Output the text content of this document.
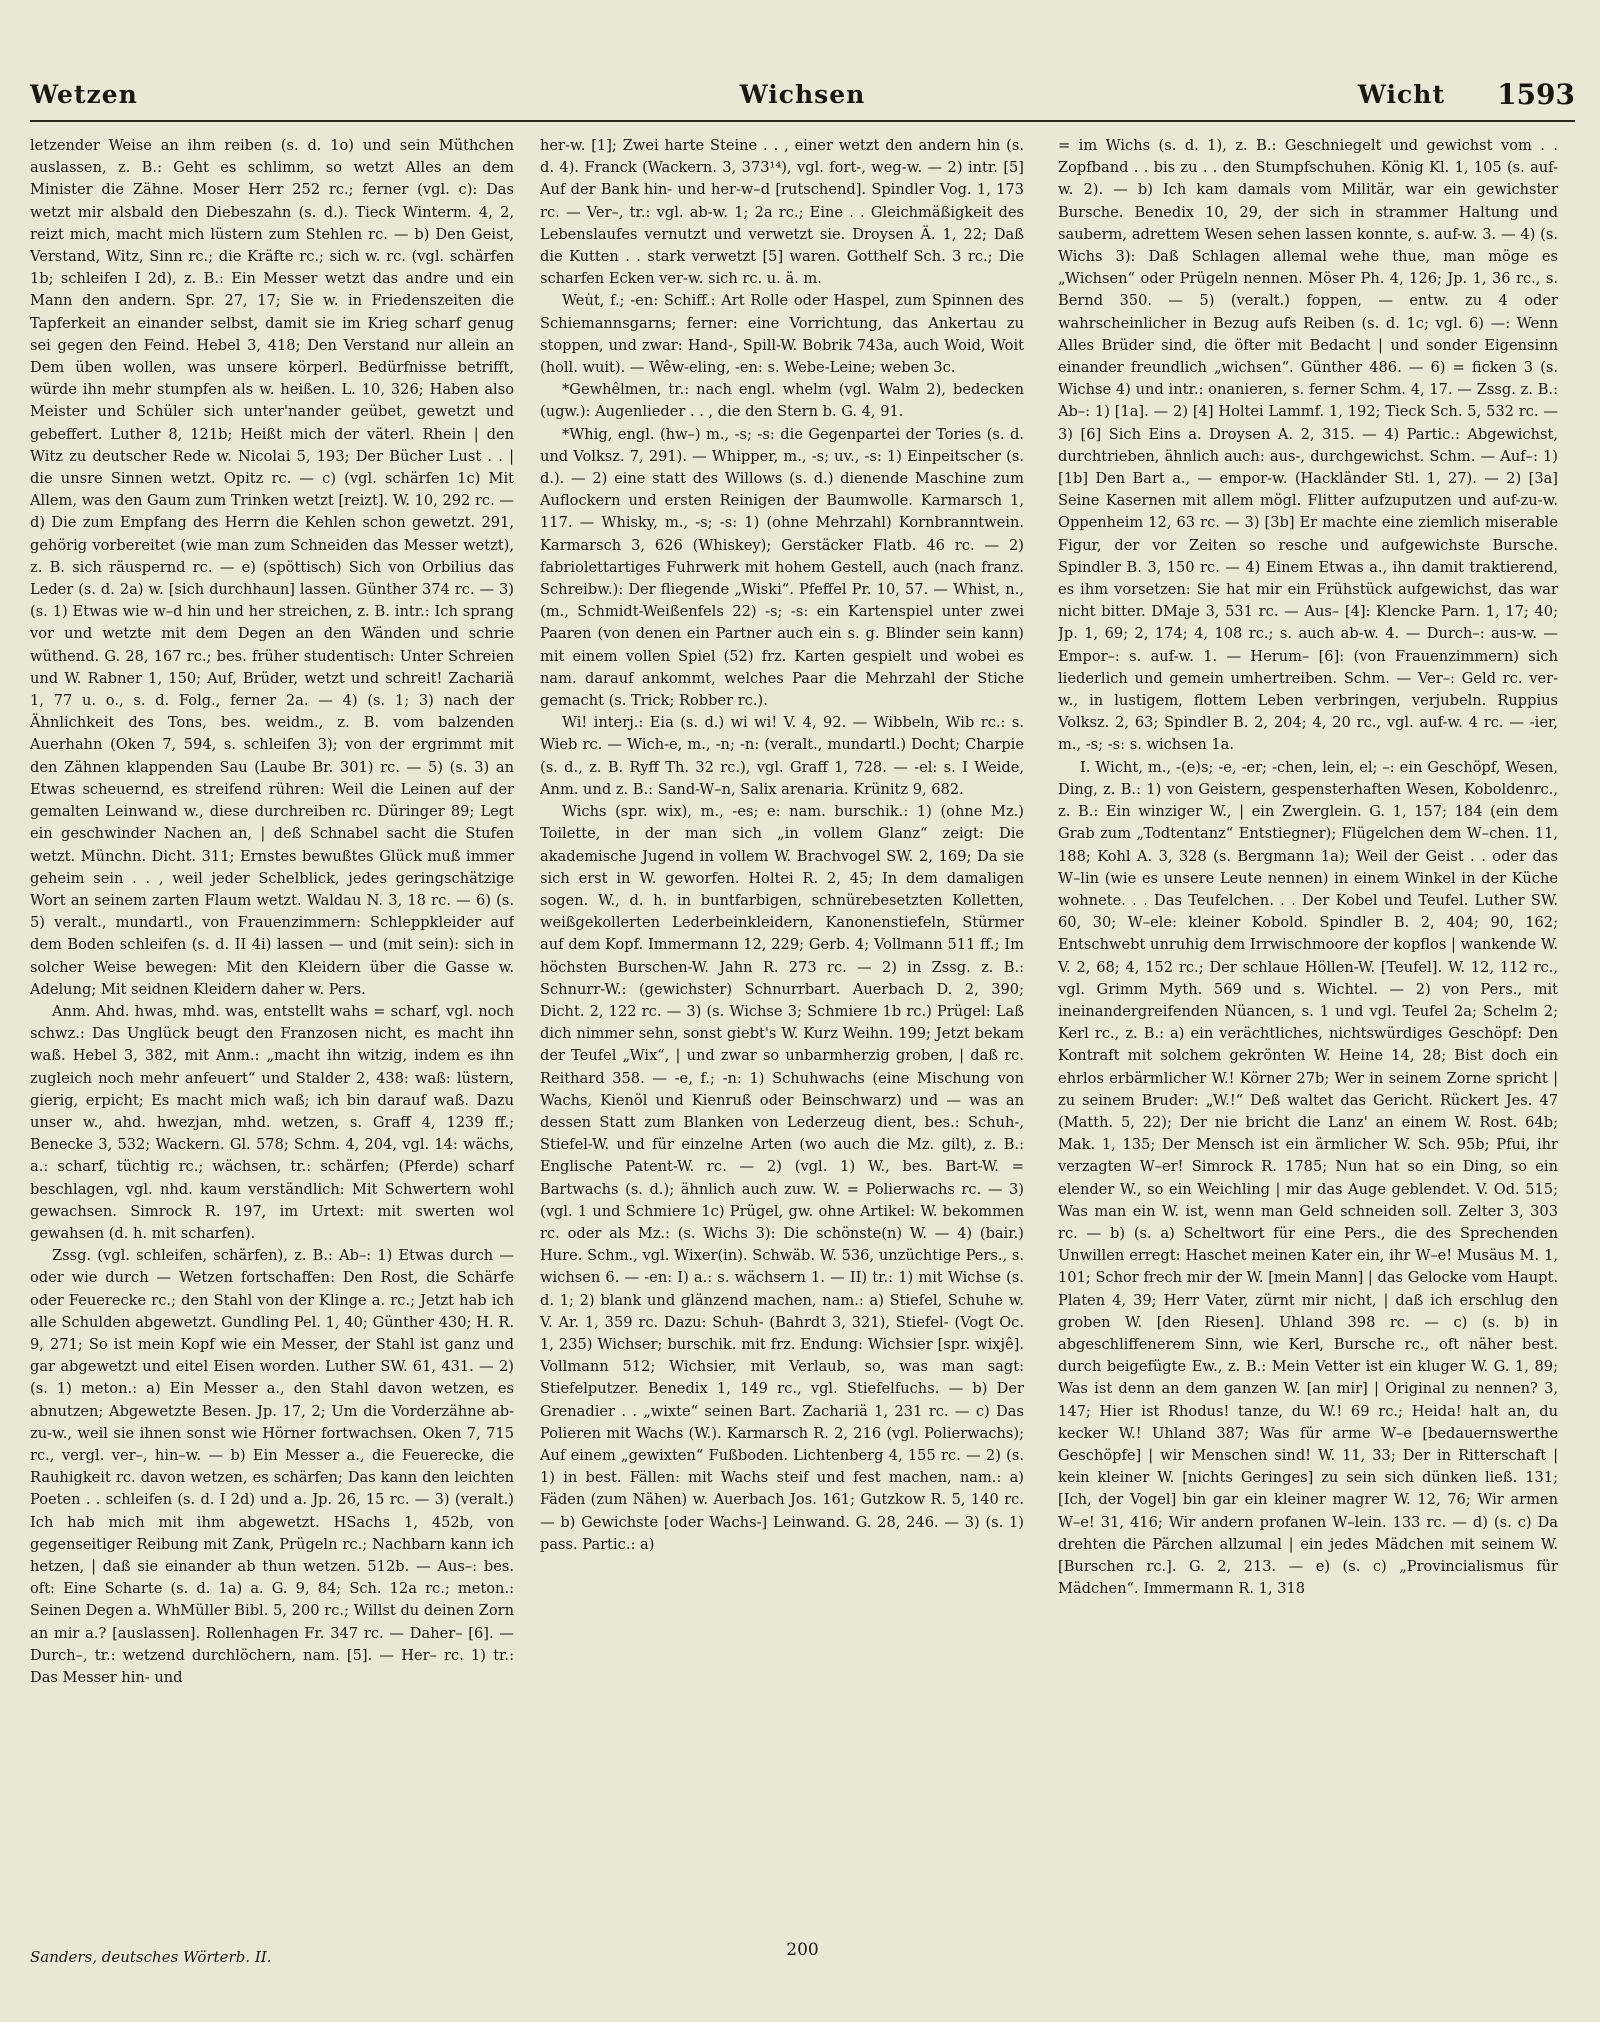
Wetzen	Wichsen	Wicht 1593

letzender Weise an ihm reiben (s. d. 1o) und sein Müthchen auslassen, z. B.: Geht es schlimm, so wetzt Alles an dem Minister die Zähne. Moser Herr 252 rc.; ferner (vgl. c): Das wetzt mir alsbald den Diebeszahn (s. d.). Tieck Winterm. 4, 2, reizt mich, macht mich lüstern zum Stehlen rc. — b) Den Geist, Verstand, Witz, Sinn rc.; die Kräfte rc.; sich w. rc. (vgl. schärfen 1b; schleifen I 2d), z. B.: Ein Messer wetzt das andre und ein Mann den andern. Spr. 27, 17; Sie w. in Friedenszeiten die Tapferkeit an einander selbst, damit sie im Krieg scharf genug sei gegen den Feind. Hebel 3, 418; Den Verstand nur allein an Dem üben wollen, was unsere körperl. Bedürfnisse betrifft, würde ihn mehr stumpfen als w. heißen. L. 10, 326; Haben also Meister und Schüler sich unter'nander geübet, gewetzt und gebeffert. Luther 8, 121b; Heißt mich der väterl. Rhein | den Witz zu deutscher Rede w. Nicolai 5, 193; Der Bücher Lust . . | die unsre Sinnen wetzt. Opitz rc. — c) (vgl. schärfen 1c) Mit Allem, was den Gaum zum Trinken wetzt [reizt]. W. 10, 292 rc. — d) Die zum Empfang des Herrn die Kehlen schon gewetzt. 291, gehörig vorbereitet (wie man zum Schneiden das Messer wetzt), z. B. sich räuspernd rc. — e) (spöttisch) Sich von Orbilius das Leder (s. d. 2a) w. [sich durchhaun] lassen. Günther 374 rc. — 3) (s. 1) Etwas wie w–d hin und her streichen, z. B. intr.: Ich sprang vor und wetzte mit dem Degen an den Wänden und schrie wüthend. G. 28, 167 rc.; bes. früher studentisch: Unter Schreien und W. Rabner 1, 150; Auf, Brüder, wetzt und schreit! Zachariä 1, 77 u. o., s. d. Folg., ferner 2a. — 4) (s. 1; 3) nach der Ähnlichkeit des Tons, bes. weidm., z. B. vom balzenden Auerhahn (Oken 7, 594, s. schleifen 3); von der ergrimmt mit den Zähnen klappenden Sau (Laube Br. 301) rc. — 5) (s. 3) an Etwas scheuernd, es streifend rühren: Weil die Leinen auf der gemalten Leinwand w., diese durchreiben rc. Düringer 89; Legt ein geschwinder Nachen an, | deß Schnabel sacht die Stufen wetzt. Münchn. Dicht. 311; Ernstes bewußtes Glück muß immer geheim sein . . , weil jeder Schelblick, jedes geringschätzige Wort an seinem zarten Flaum wetzt. Waldau N. 3, 18 rc. — 6) (s. 5) veralt., mundartl., von Frauenzimmern: Schleppkleider auf dem Boden schleifen (s. d. II 4i) lassen — und (mit sein): sich in solcher Weise bewegen: Mit den Kleidern über die Gasse w. Adelung; Mit seidnen Kleidern daher w. Pers.

Anm. Ahd. hwas, mhd. was, entstellt wahs = scharf, vgl. noch schwz.: Das Unglück beugt den Franzosen nicht, es macht ihn waß. Hebel 3, 382, mit Anm.: „macht ihn witzig, indem es ihn zugleich noch mehr anfeuert“ und Stalder 2, 438: waß: lüstern, gierig, erpicht; Es macht mich waß; ich bin darauf waß. Dazu unser w., ahd. hwezjan, mhd. wetzen, s. Graff 4, 1239 ff.; Benecke 3, 532; Wackern. Gl. 578; Schm. 4, 204, vgl. 14: wächs, a.: scharf, tüchtig rc.; wächsen, tr.: schärfen; (Pferde) scharf beschlagen, vgl. nhd. kaum verständlich: Mit Schwertern wohl gewachsen. Simrock R. 197, im Urtext: mit swerten wol gewahsen (d. h. mit scharfen).

Zssg. (vgl. schleifen, schärfen), z. B.: Ab–: 1) Etwas durch — oder wie durch — Wetzen fortschaffen: Den Rost, die Schärfe oder Feuerecke rc.; den Stahl von der Klinge a. rc.; Jetzt hab ich alle Schulden abgewetzt. Gundling Pel. 1, 40; Günther 430; H. R. 9, 271; So ist mein Kopf wie ein Messer, der Stahl ist ganz und gar abgewetzt und eitel Eisen worden. Luther SW. 61, 431. — 2) (s. 1) meton.: a) Ein Messer a., den Stahl davon wetzen, es abnutzen; Abgewetzte Besen. Jp. 17, 2; Um die Vorderzähne ab-zu-w., weil sie ihnen sonst wie Hörner fortwachsen. Oken 7, 715 rc., vergl. ver–, hin–w. — b) Ein Messer a., die Feuerecke, die Rauhigkeit rc. davon wetzen, es schärfen; Das kann den leichten Poeten . . schleifen (s. d. I 2d) und a. Jp. 26, 15 rc. — 3) (veralt.) Ich hab mich mit ihm abgewetzt. HSachs 1, 452b, von gegenseitiger Reibung mit Zank, Prügeln rc.; Nachbarn kann ich hetzen, | daß sie einander ab thun wetzen. 512b. — Aus–: bes. oft: Eine Scharte (s. d. 1a) a. G. 9, 84; Sch. 12a rc.; meton.: Seinen Degen a. WhMüller Bibl. 5, 200 rc.; Willst du deinen Zorn an mir a.? [auslassen]. Rollenhagen Fr. 347 rc. — Daher– [6]. — Durch–, tr.: wetzend durchlöchern, nam. [5]. — Her– rc. 1) tr.: Das Messer hin- und

her-w. [1]; Zwei harte Steine . . , einer wetzt den andern hin (s. d. 4). Franck (Wackern. 3, 373¹⁴), vgl. fort-, weg-w. — 2) intr. [5] Auf der Bank hin- und her-w–d [rutschend]. Spindler Vog. 1, 173 rc. — Ver–, tr.: vgl. ab-w. 1; 2a rc.; Eine . . Gleichmäßigkeit des Lebenslaufes vernutzt und verwetzt sie. Droysen Ä. 1, 22; Daß die Kutten . . stark verwetzt [5] waren. Gotthelf Sch. 3 rc.; Die scharfen Ecken ver-w. sich rc. u. ä. m.

Weu̇t, f.; -en: Schiff.: Art Rolle oder Haspel, zum Spinnen des Schiemannsgarns; ferner: eine Vorrichtung, das Ankertau zu stoppen, und zwar: Hand-, Spill-W. Bobrik 743a, auch Woid, Woit (holl. wuit). — Wêw-eling, -en: s. Webe-Leine; weben 3c.

*Gewhêlmen, tr.: nach engl. whelm (vgl. Walm 2), bedecken (ugw.): Augenlieder . . , die den Stern b. G. 4, 91.

*Whig, engl. (hw–) m., -s; -s: die Gegenpartei der Tories (s. d. und Volksz. 7, 291). — Whipper, m., -s; uv., -s: 1) Einpeitscher (s. d.). — 2) eine statt des Willows (s. d.) dienende Maschine zum Auflockern und ersten Reinigen der Baumwolle. Karmarsch 1, 117. — Whisky, m., -s; -s: 1) (ohne Mehrzahl) Kornbranntwein. Karmarsch 3, 626 (Whiskey); Gerstäcker Flatb. 46 rc. — 2) fabriolettartiges Fuhrwerk mit hohem Gestell, auch (nach franz. Schreibw.): Der fliegende „Wiski“. Pfeffel Pr. 10, 57. — Whist, n., (m., Schmidt-Weißenfels 22) -s; -s: ein Kartenspiel unter zwei Paaren (von denen ein Partner auch ein s. g. Blinder sein kann) mit einem vollen Spiel (52) frz. Karten gespielt und wobei es nam. darauf ankommt, welches Paar die Mehrzahl der Stiche gemacht (s. Trick; Robber rc.).

Wi! interj.: Eia (s. d.) wi wi! V. 4, 92. — Wibbeln, Wib rc.: s. Wieb rc. — Wich-e, m., -n; -n: (veralt., mundartl.) Docht; Charpie (s. d., z. B. Ryff Th. 32 rc.), vgl. Graff 1, 728. — -el: s. I Weide, Anm. und z. B.: Sand-W–n, Salix arenaria. Krünitz 9, 682.

Wichs (spr. wix), m., -es; e: nam. burschik.: 1) (ohne Mz.) Toilette, in der man sich „in vollem Glanz“ zeigt: Die akademische Jugend in vollem W. Brachvogel SW. 2, 169; Da sie sich erst in W. geworfen. Holtei R. 2, 45; In dem damaligen sogen. W., d. h. in buntfarbigen, schnürebesetzten Kolletten, weißgekollerten Lederbeinkleidern, Kanonenstiefeln, Stürmer auf dem Kopf. Immermann 12, 229; Gerb. 4; Vollmann 511 ff.; Im höchsten Burschen-W. Jahn R. 273 rc. — 2) in Zssg. z. B.: Schnurr-W.: (gewichster) Schnurrbart. Auerbach D. 2, 390; Dicht. 2, 122 rc. — 3) (s. Wichse 3; Schmiere 1b rc.) Prügel: Laß dich nimmer sehn, sonst giebt's W. Kurz Weihn. 199; Jetzt bekam der Teufel „Wix“, | und zwar so unbarmherzig groben, | daß rc. Reithard 358. — -e, f.; -n: 1) Schuhwachs (eine Mischung von Wachs, Kienöl und Kienruß oder Beinschwarz) und — was an dessen Statt zum Blanken von Lederzeug dient, bes.: Schuh-, Stiefel-W. und für einzelne Arten (wo auch die Mz. gilt), z. B.: Englische Patent-W. rc. — 2) (vgl. 1) W., bes. Bart-W. = Bartwachs (s. d.); ähnlich auch zuw. W. = Polierwachs rc. — 3) (vgl. 1 und Schmiere 1c) Prügel, gw. ohne Artikel: W. bekommen rc. oder als Mz.: (s. Wichs 3): Die schönste(n) W. — 4) (bair.) Hure. Schm., vgl. Wixer(in). Schwäb. W. 536, unzüchtige Pers., s. wichsen 6. — -en: I) a.: s. wächsern 1. — II) tr.: 1) mit Wichse (s. d. 1; 2) blank und glänzend machen, nam.: a) Stiefel, Schuhe w. V. Ar. 1, 359 rc. Dazu: Schuh- (Bahrdt 3, 321), Stiefel- (Vogt Oc. 1, 235) Wichser; burschik. mit frz. Endung: Wichsier [spr. wixjê]. Vollmann 512; Wichsier, mit Verlaub, so, was man sagt: Stiefelputzer. Benedix 1, 149 rc., vgl. Stiefelfuchs. — b) Der Grenadier . . „wixte“ seinen Bart. Zachariä 1, 231 rc. — c) Das Polieren mit Wachs (W.). Karmarsch R. 2, 216 (vgl. Polierwachs); Auf einem „gewixten“ Fußboden. Lichtenberg 4, 155 rc. — 2) (s. 1) in best. Fällen: mit Wachs steif und fest machen, nam.: a) Fäden (zum Nähen) w. Auerbach Jos. 161; Gutzkow R. 5, 140 rc. — b) Gewichste [oder Wachs-] Leinwand. G. 28, 246. — 3) (s. 1) pass. Partic.: a)

= im Wichs (s. d. 1), z. B.: Geschniegelt und gewichst vom . . Zopfband . . bis zu . . den Stumpfschuhen. König Kl. 1, 105 (s. auf-w. 2). — b) Ich kam damals vom Militär, war ein gewichster Bursche. Benedix 10, 29, der sich in strammer Haltung und sauberm, adrettem Wesen sehen lassen konnte, s. auf-w. 3. — 4) (s. Wichs 3): Daß Schlagen allemal wehe thue, man möge es „Wichsen“ oder Prügeln nennen. Möser Ph. 4, 126; Jp. 1, 36 rc., s. Bernd 350. — 5) (veralt.) foppen, — entw. zu 4 oder wahrscheinlicher in Bezug aufs Reiben (s. d. 1c; vgl. 6) —: Wenn Alles Brüder sind, die öfter mit Bedacht | und sonder Eigensinn einander freundlich „wichsen“. Günther 486. — 6) = ficken 3 (s. Wichse 4) und intr.: onanieren, s. ferner Schm. 4, 17. — Zssg. z. B.: Ab–: 1) [1a]. — 2) [4] Holtei Lammf. 1, 192; Tieck Sch. 5, 532 rc. — 3) [6] Sich Eins a. Droysen A. 2, 315. — 4) Partic.: Abgewichst, durchtrieben, ähnlich auch: aus-, durchgewichst. Schm. — Auf–: 1) [1b] Den Bart a., — empor-w. (Hackländer Stl. 1, 27). — 2) [3a] Seine Kasernen mit allem mögl. Flitter aufzuputzen und auf-zu-w. Oppenheim 12, 63 rc. — 3) [3b] Er machte eine ziemlich miserable Figur, der vor Zeiten so resche und aufgewichste Bursche. Spindler B. 3, 150 rc. — 4) Einem Etwas a., ihn damit traktierend, es ihm vorsetzen: Sie hat mir ein Frühstück aufgewichst, das war nicht bitter. DMaje 3, 531 rc. — Aus– [4]: Klencke Parn. 1, 17; 40; Jp. 1, 69; 2, 174; 4, 108 rc.; s. auch ab-w. 4. — Durch–: aus-w. — Empor–: s. auf-w. 1. — Herum– [6]: (von Frauenzimmern) sich liederlich und gemein umhertreiben. Schm. — Ver–: Geld rc. ver-w., in lustigem, flottem Leben verbringen, verjubeln. Ruppius Volksz. 2, 63; Spindler B. 2, 204; 4, 20 rc., vgl. auf-w. 4 rc. — -ier, m., -s; -s: s. wichsen 1a.

I. Wicht, m., -(e)s; -e, -er; -chen, lein, el; –: ein Geschöpf, Wesen, Ding, z. B.: 1) von Geistern, gespensterhaften Wesen, Koboldenrc., z. B.: Ein winziger W., | ein Zwerglein. G. 1, 157; 184 (ein dem Grab zum „Todtentanz“ Entstiegner); Flügelchen dem W–chen. 11, 188; Kohl A. 3, 328 (s. Bergmann 1a); Weil der Geist . . oder das W–lin (wie es unsere Leute nennen) in einem Winkel in der Küche wohnete. . . Das Teufelchen. . . Der Kobel und Teufel. Luther SW. 60, 30; W–ele: kleiner Kobold. Spindler B. 2, 404; 90, 162; Entschwebt unruhig dem Irrwischmoore der kopflos | wankende W. V. 2, 68; 4, 152 rc.; Der schlaue Höllen-W. [Teufel]. W. 12, 112 rc., vgl. Grimm Myth. 569 und s. Wichtel. — 2) von Pers., mit ineinandergreifenden Nüancen, s. 1 und vgl. Teufel 2a; Schelm 2; Kerl rc., z. B.: a) ein verächtliches, nichtswürdiges Geschöpf: Den Kontraft mit solchem gekrönten W. Heine 14, 28; Bist doch ein ehrlos erbärmlicher W.! Körner 27b; Wer in seinem Zorne spricht | zu seinem Bruder: „W.!“ Deß waltet das Gericht. Rückert Jes. 47 (Matth. 5, 22); Der nie bricht die Lanz' an einem W. Rost. 64b; Mak. 1, 135; Der Mensch ist ein ärmlicher W. Sch. 95b; Pfui, ihr verzagten W–er! Simrock R. 1785; Nun hat so ein Ding, so ein elender W., so ein Weichling | mir das Auge geblendet. V. Od. 515; Was man ein W. ist, wenn man Geld schneiden soll. Zelter 3, 303 rc. — b) (s. a) Scheltwort für eine Pers., die des Sprechenden Unwillen erregt: Haschet meinen Kater ein, ihr W–e! Musäus M. 1, 101; Schor frech mir der W. [mein Mann] | das Gelocke vom Haupt. Platen 4, 39; Herr Vater, zürnt mir nicht, | daß ich erschlug den groben W. [den Riesen]. Uhland 398 rc. — c) (s. b) in abgeschliffenerem Sinn, wie Kerl, Bursche rc., oft näher best. durch beigefügte Ew., z. B.: Mein Vetter ist ein kluger W. G. 1, 89; Was ist denn an dem ganzen W. [an mir] | Original zu nennen? 3, 147; Hier ist Rhodus! tanze, du W.! 69 rc.; Heida! halt an, du kecker W.! Uhland 387; Was für arme W–e [bedauernswerthe Geschöpfe] | wir Menschen sind! W. 11, 33; Der in Ritterschaft | kein kleiner W. [nichts Geringes] zu sein sich dünken ließ. 131; [Ich, der Vogel] bin gar ein kleiner magrer W. 12, 76; Wir armen W–e! 31, 416; Wir andern profanen W–lein. 133 rc. — d) (s. c) Da drehten die Pärchen allzumal | ein jedes Mädchen mit seinem W. [Burschen rc.]. G. 2, 213. — e) (s. c) „Provincialismus für Mädchen“. Immermann R. 1, 318

Sanders, deutsches Wörterb. II.	200
